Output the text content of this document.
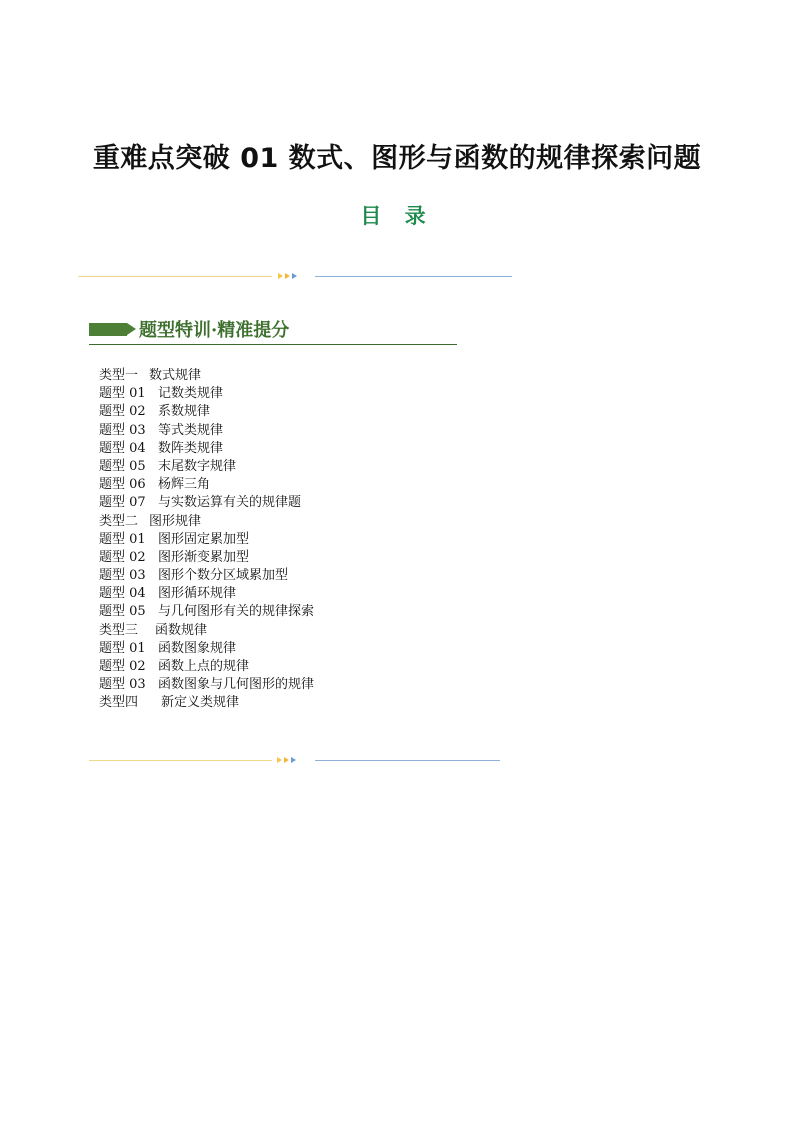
重难点突破 01 数式、图形与函数的规律探索问题
目 录
题型特训·精准提分
类型一 数式规律
题型 01 记数类规律
题型 02 系数规律
题型 03 等式类规律
题型 04 数阵类规律
题型 05 末尾数字规律
题型 06 杨辉三角
题型 07 与实数运算有关的规律题
类型二 图形规律
题型 01 图形固定累加型
题型 02 图形渐变累加型
题型 03 图形个数分区域累加型
题型 04 图形循环规律
题型 05 与几何图形有关的规律探索
类型三 函数规律
题型 01 函数图象规律
题型 02 函数上点的规律
题型 03 函数图象与几何图形的规律
类型四 新定义类规律
